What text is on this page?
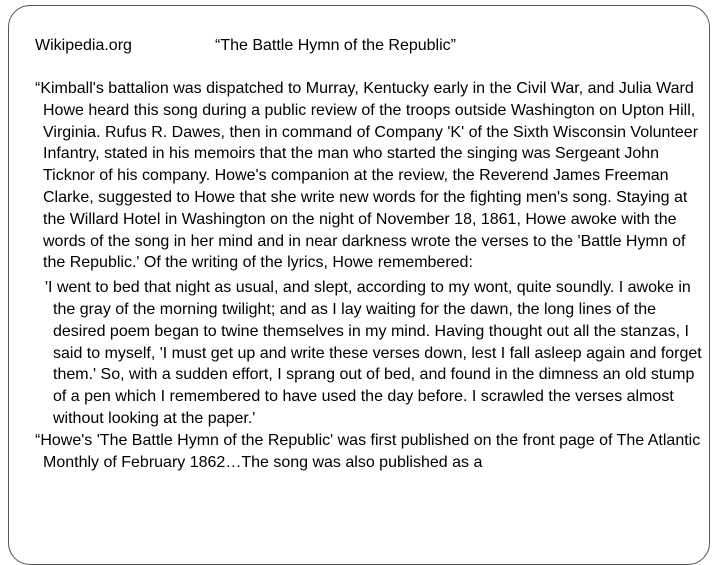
Wikipedia.org	“The Battle Hymn of the Republic”

“Kimball's battalion was dispatched to Murray, Kentucky early in the Civil War, and Julia Ward Howe heard this song during a public review of the troops outside Washington on Upton Hill, Virginia. Rufus R. Dawes, then in command of Company 'K' of the Sixth Wisconsin Volunteer Infantry, stated in his memoirs that the man who started the singing was Sergeant John Ticknor of his company. Howe's companion at the review, the Reverend James Freeman Clarke, suggested to Howe that she write new words for the fighting men's song. Staying at the Willard Hotel in Washington on the night of November 18, 1861, Howe awoke with the words of the song in her mind and in near darkness wrote the verses to the 'Battle Hymn of the Republic.' Of the writing of the lyrics, Howe remembered:

'I went to bed that night as usual, and slept, according to my wont, quite soundly. I awoke in the gray of the morning twilight; and as I lay waiting for the dawn, the long lines of the desired poem began to twine themselves in my mind. Having thought out all the stanzas, I said to myself, 'I must get up and write these verses down, lest I fall asleep again and forget them.' So, with a sudden effort, I sprang out of bed, and found in the dimness an old stump of a pen which I remembered to have used the day before. I scrawled the verses almost without looking at the paper.'

“Howe's 'The Battle Hymn of the Republic' was first published on the front page of The Atlantic Monthly of February 1862…The song was also published as a
